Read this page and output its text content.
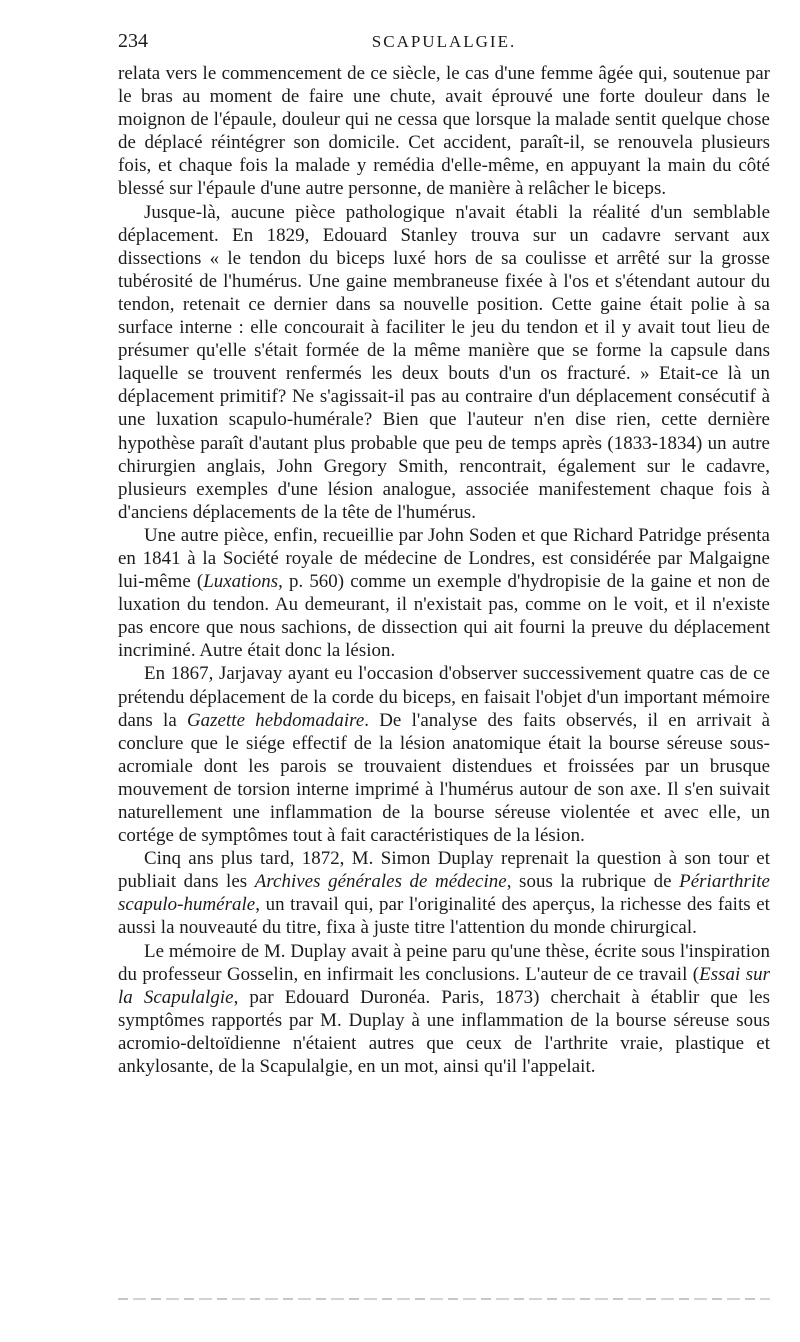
234	SCAPULALGIE.

relata vers le commencement de ce siècle, le cas d'une femme âgée qui, soutenue par le bras au moment de faire une chute, avait éprouvé une forte douleur dans le moignon de l'épaule, douleur qui ne cessa que lorsque la malade sentit quelque chose de déplacé réintégrer son domicile. Cet accident, paraît-il, se renouvela plusieurs fois, et chaque fois la malade y remédia d'elle-même, en appuyant la main du côté blessé sur l'épaule d'une autre personne, de manière à relâcher le biceps.

Jusque-là, aucune pièce pathologique n'avait établi la réalité d'un semblable déplacement. En 1829, Edouard Stanley trouva sur un cadavre servant aux dissections « le tendon du biceps luxé hors de sa coulisse et arrêté sur la grosse tubérosité de l'humérus. Une gaine membraneuse fixée à l'os et s'étendant autour du tendon, retenait ce dernier dans sa nouvelle position. Cette gaine était polie à sa surface interne : elle concourait à faciliter le jeu du tendon et il y avait tout lieu de présumer qu'elle s'était formée de la même manière que se forme la capsule dans laquelle se trouvent renfermés les deux bouts d'un os fracturé. » Etait-ce là un déplacement primitif? Ne s'agissait-il pas au contraire d'un déplacement consécutif à une luxation scapulo-humérale? Bien que l'auteur n'en dise rien, cette dernière hypothèse paraît d'autant plus probable que peu de temps après (1833-1834) un autre chirurgien anglais, John Gregory Smith, rencontrait, également sur le cadavre, plusieurs exemples d'une lésion analogue, associée manifestement chaque fois à d'anciens déplacements de la tête de l'humérus.

Une autre pièce, enfin, recueillie par John Soden et que Richard Patridge présenta en 1841 à la Société royale de médecine de Londres, est considérée par Malgaigne lui-même (Luxations, p. 560) comme un exemple d'hydropisie de la gaine et non de luxation du tendon. Au demeurant, il n'existait pas, comme on le voit, et il n'existe pas encore que nous sachions, de dissection qui ait fourni la preuve du déplacement incriminé. Autre était donc la lésion.

En 1867, Jarjavay ayant eu l'occasion d'observer successivement quatre cas de ce prétendu déplacement de la corde du biceps, en faisait l'objet d'un important mémoire dans la Gazette hebdomadaire. De l'analyse des faits observés, il en arrivait à conclure que le siége effectif de la lésion anatomique était la bourse séreuse sous-acromiale dont les parois se trouvaient distendues et froissées par un brusque mouvement de torsion interne imprimé à l'humérus autour de son axe. Il s'en suivait naturellement une inflammation de la bourse séreuse violentée et avec elle, un cortége de symptômes tout à fait caractéristiques de la lésion.

Cinq ans plus tard, 1872, M. Simon Duplay reprenait la question à son tour et publiait dans les Archives générales de médecine, sous la rubrique de Périarthrite scapulo-humérale, un travail qui, par l'originalité des aperçus, la richesse des faits et aussi la nouveauté du titre, fixa à juste titre l'attention du monde chirurgical.

Le mémoire de M. Duplay avait à peine paru qu'une thèse, écrite sous l'inspiration du professeur Gosselin, en infirmait les conclusions. L'auteur de ce travail (Essai sur la Scapulalgie, par Edouard Duronéa. Paris, 1873) cherchait à établir que les symptômes rapportés par M. Duplay à une inflammation de la bourse séreuse sous acromio-deltoïdienne n'étaient autres que ceux de l'arthrite vraie, plastique et ankylosante, de la Scapulalgie, en un mot, ainsi qu'il l'appelait.
